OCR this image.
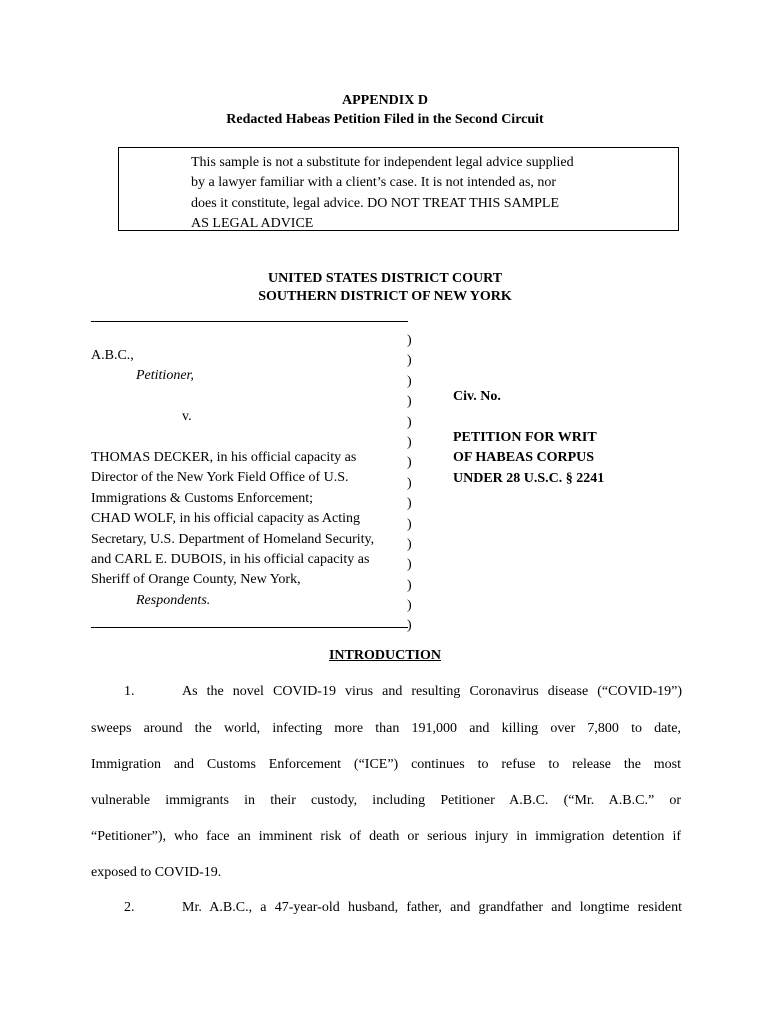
APPENDIX D
Redacted Habeas Petition Filed in the Second Circuit
This sample is not a substitute for independent legal advice supplied
by a lawyer familiar with a client’s case. It is not intended as, nor
does it constitute, legal advice. DO NOT TREAT THIS SAMPLE
AS LEGAL ADVICE
UNITED STATES DISTRICT COURT
SOUTHERN DISTRICT OF NEW YORK
A.B.C.,
Petitioner,
v.
THOMAS DECKER, in his official capacity as
Director of the New York Field Office of U.S.
Immigrations & Customs Enforcement;
CHAD WOLF, in his official capacity as Acting
Secretary, U.S. Department of Homeland Security,
and CARL E. DUBOIS, in his official capacity as
Sheriff of Orange County, New York,
Respondents.
)
)
)
)
)
)
)
)
)
)
)
)
)
)
)
Civ. No.
PETITION FOR WRIT
OF HABEAS CORPUS
UNDER 28 U.S.C. § 2241
INTRODUCTION
1.	As the novel COVID-19 virus and resulting Coronavirus disease (“COVID-19”)
sweeps around the world, infecting more than 191,000 and killing over 7,800 to date,
Immigration and Customs Enforcement (“ICE”) continues to refuse to release the most
vulnerable immigrants in their custody, including Petitioner A.B.C. (“Mr. A.B.C.” or
“Petitioner”), who face an imminent risk of death or serious injury in immigration detention if
exposed to COVID-19.
2.	Mr. A.B.C., a 47-year-old husband, father, and grandfather and longtime resident
